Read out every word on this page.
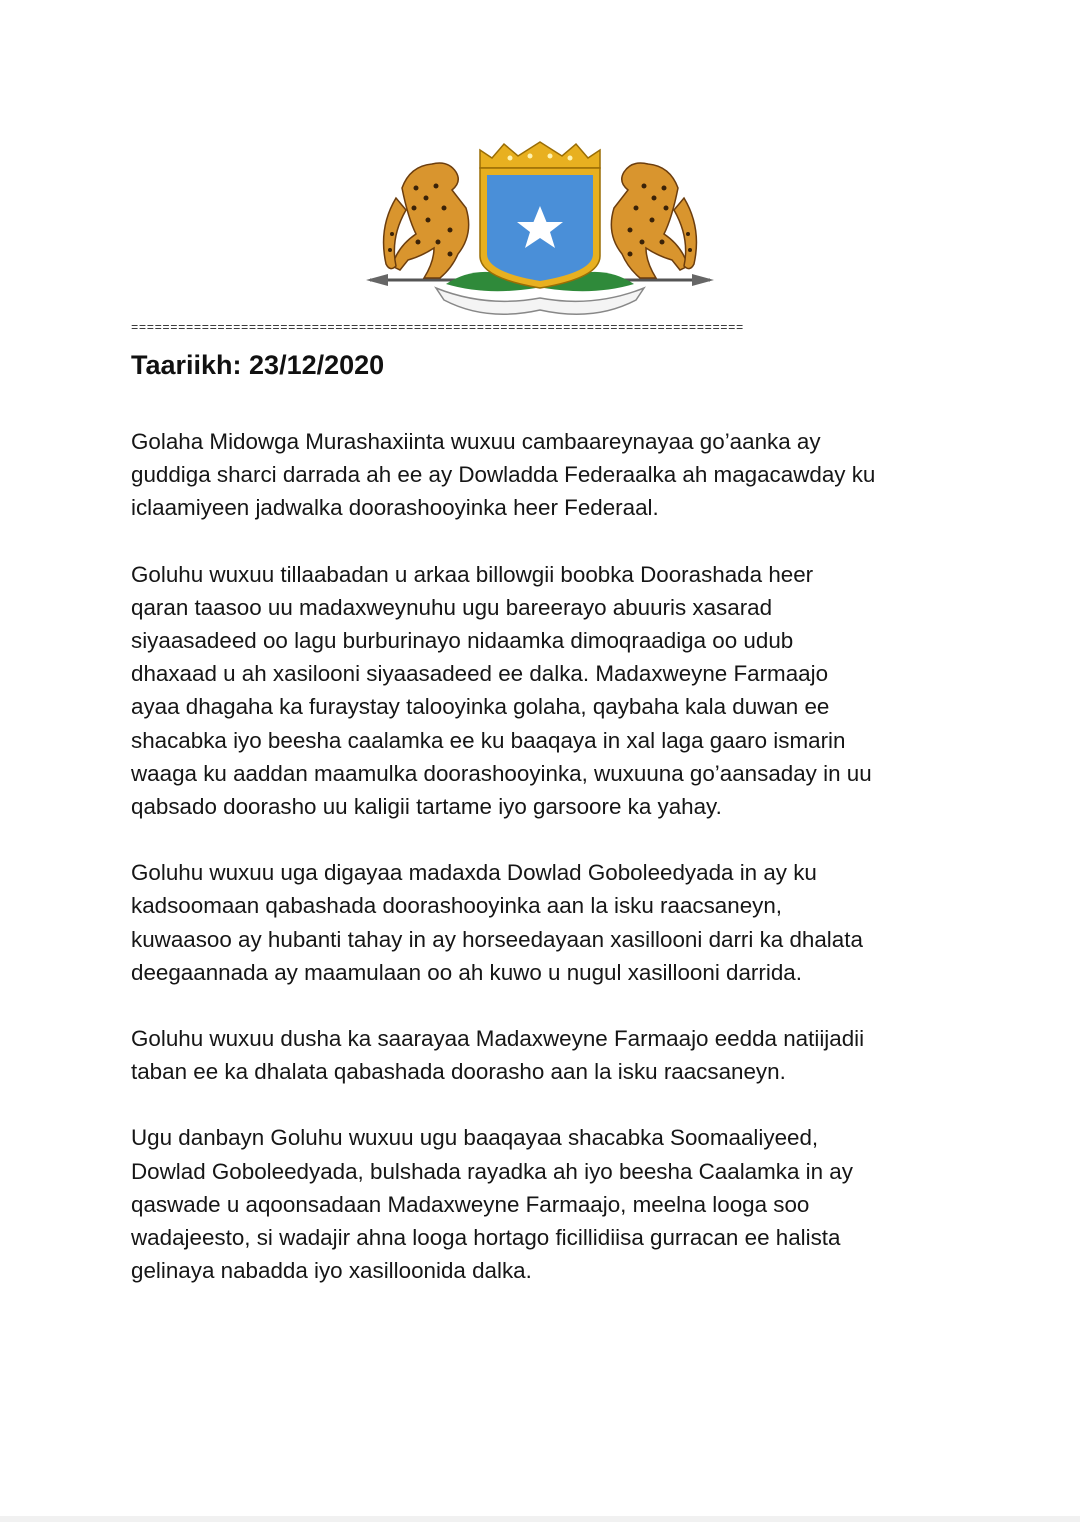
==============================================================================
Taariikh: 23/12/2020

Golaha Midowga Murashaxiinta wuxuu cambaareynayaa go’aanka ay
guddiga sharci darrada ah ee ay Dowladda Federaalka ah magacawday ku
iclaamiyeen jadwalka doorashooyinka heer Federaal.

Goluhu wuxuu tillaabadan u arkaa billowgii boobka Doorashada heer
qaran taasoo uu madaxweynuhu ugu bareerayo abuuris xasarad
siyaasadeed oo lagu burburinayo nidaamka dimoqraadiga oo udub
dhaxaad u ah xasilooni siyaasadeed ee dalka. Madaxweyne Farmaajo
ayaa dhagaha ka furaystay talooyinka golaha, qaybaha kala duwan ee
shacabka iyo beesha caalamka ee ku baaqaya in xal laga gaaro ismarin
waaga ku aaddan maamulka doorashooyinka, wuxuuna go’aansaday in uu
qabsado doorasho uu kaligii tartame iyo garsoore ka yahay.

Goluhu wuxuu uga digayaa madaxda Dowlad Goboleedyada in ay ku
kadsoomaan qabashada doorashooyinka aan la isku raacsaneyn,
kuwaasoo ay hubanti tahay in ay horseedayaan xasillooni darri ka dhalata
deegaannada ay maamulaan oo ah kuwo u nugul xasillooni darrida.

Goluhu wuxuu dusha ka saarayaa Madaxweyne Farmaajo eedda natiijadii
taban ee ka dhalata qabashada doorasho aan la isku raacsaneyn.

Ugu danbayn Goluhu wuxuu ugu baaqayaa shacabka Soomaaliyeed,
Dowlad Goboleedyada, bulshada rayadka ah iyo beesha Caalamka in ay
qaswade u aqoonsadaan Madaxweyne Farmaajo, meelna looga soo
wadajeesto, si wadajir ahna looga hortago ficillidiisa gurracan ee halista
gelinaya nabadda iyo xasilloonida dalka.
